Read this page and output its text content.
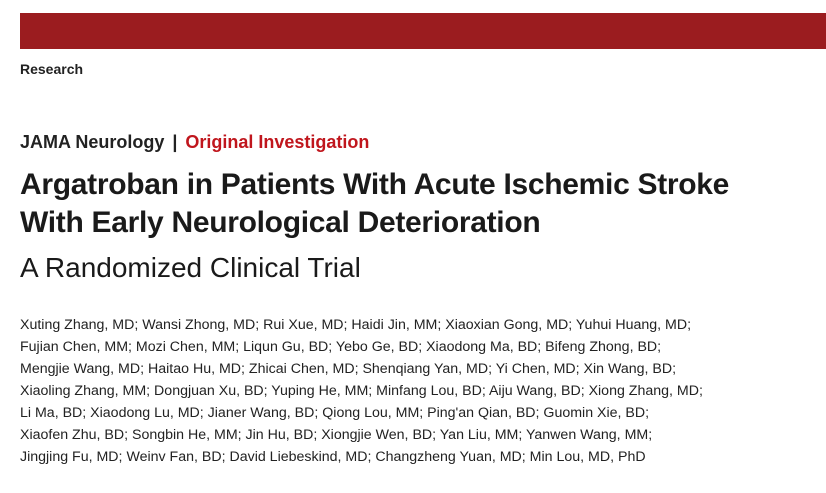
Research
JAMA Neurology | Original Investigation
Argatroban in Patients With Acute Ischemic Stroke
With Early Neurological Deterioration
A Randomized Clinical Trial
Xuting Zhang, MD; Wansi Zhong, MD; Rui Xue, MD; Haidi Jin, MM; Xiaoxian Gong, MD; Yuhui Huang, MD;
Fujian Chen, MM; Mozi Chen, MM; Liqun Gu, BD; Yebo Ge, BD; Xiaodong Ma, BD; Bifeng Zhong, BD;
Mengjie Wang, MD; Haitao Hu, MD; Zhicai Chen, MD; Shenqiang Yan, MD; Yi Chen, MD; Xin Wang, BD;
Xiaoling Zhang, MM; Dongjuan Xu, BD; Yuping He, MM; Minfang Lou, BD; Aiju Wang, BD; Xiong Zhang, MD;
Li Ma, BD; Xiaodong Lu, MD; Jianer Wang, BD; Qiong Lou, MM; Ping'an Qian, BD; Guomin Xie, BD;
Xiaofen Zhu, BD; Songbin He, MM; Jin Hu, BD; Xiongjie Wen, BD; Yan Liu, MM; Yanwen Wang, MM;
Jingjing Fu, MD; Weinv Fan, BD; David Liebeskind, MD; Changzheng Yuan, MD; Min Lou, MD, PhD
